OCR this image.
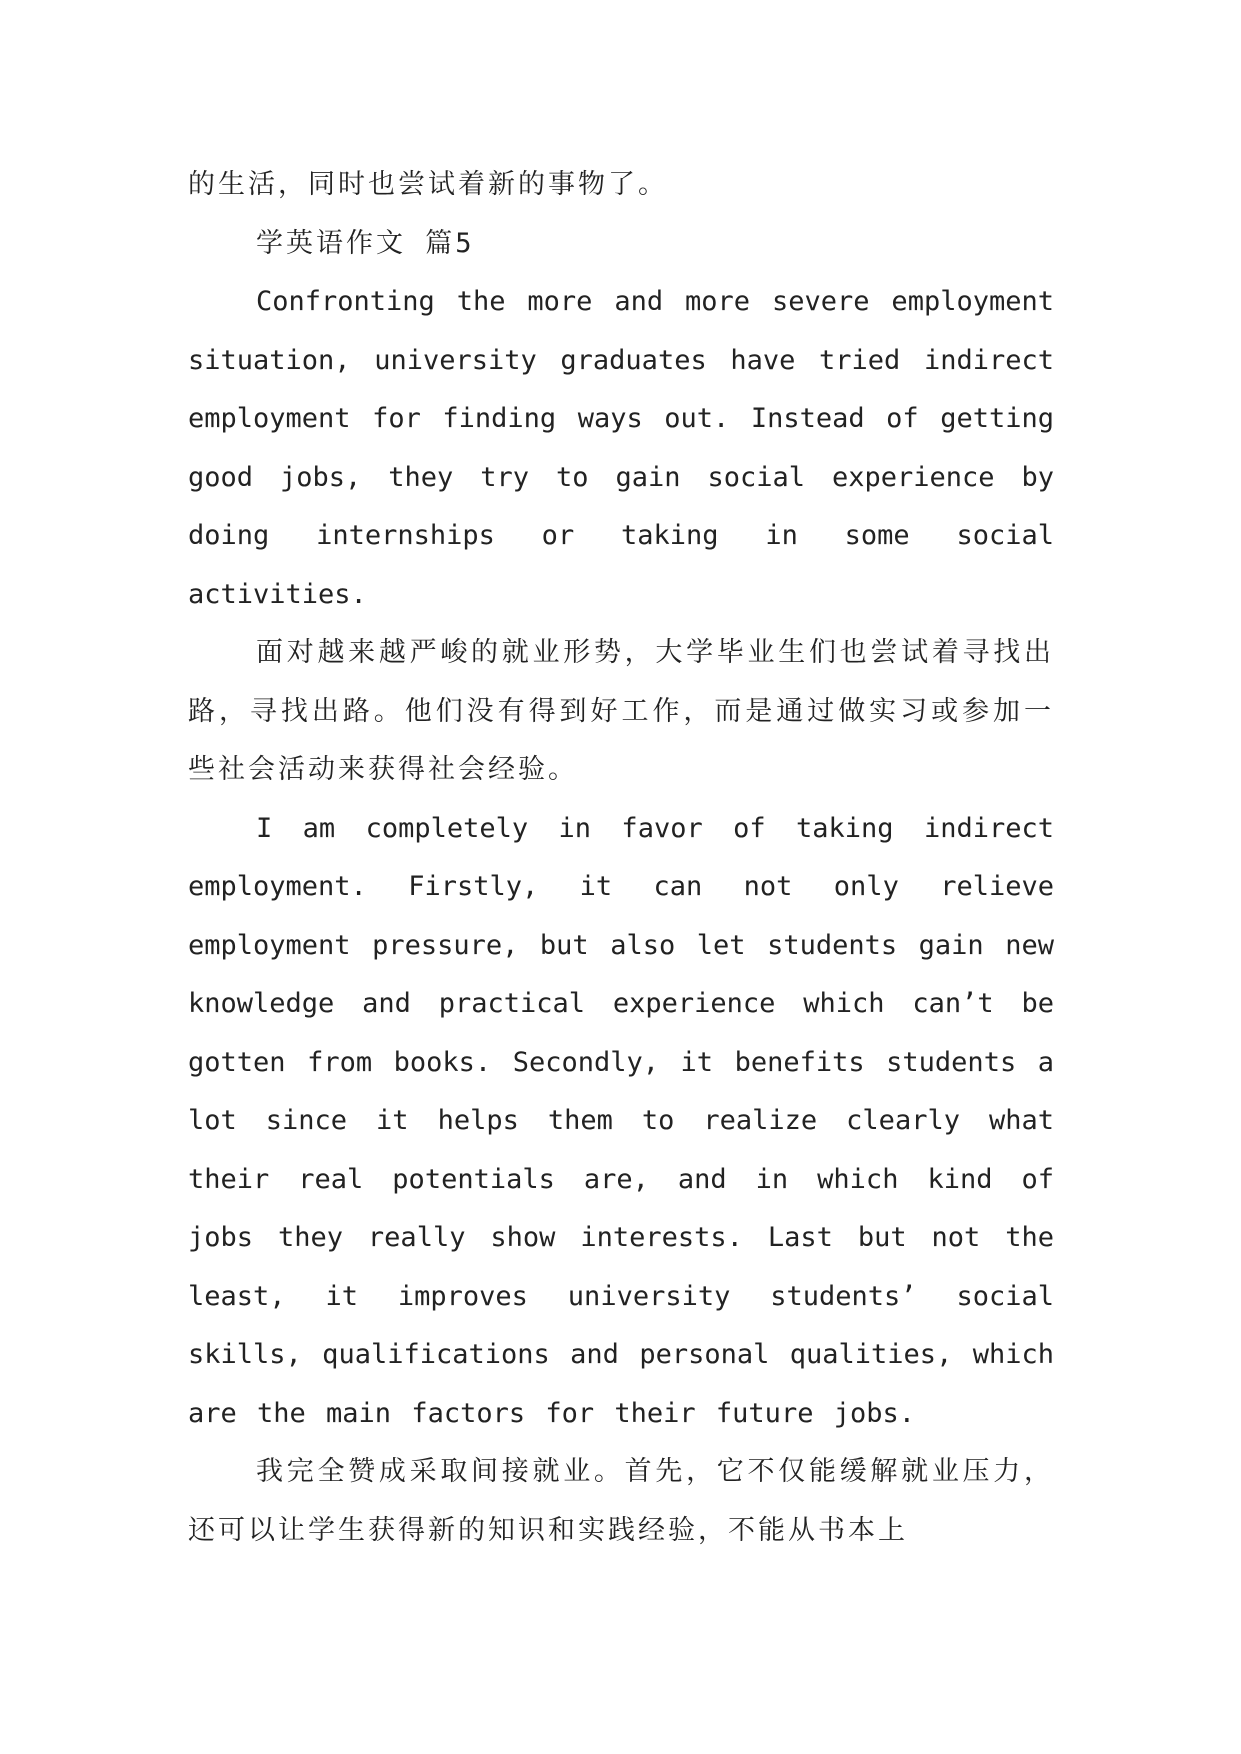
的生活，同时也尝试着新的事物了。

学英语作文 篇5

Confronting the more and more severe employment situation, university graduates have tried indirect employment for finding ways out. Instead of getting good jobs, they try to gain social experience by doing internships or taking in some social activities.

面对越来越严峻的就业形势，大学毕业生们也尝试着寻找出路，寻找出路。他们没有得到好工作，而是通过做实习或参加一些社会活动来获得社会经验。

I am completely in favor of taking indirect employment. Firstly, it can not only relieve employment pressure, but also let students gain new knowledge and practical experience which can’t be gotten from books. Secondly, it benefits students a lot since it helps them to realize clearly what their real potentials are, and in which kind of jobs they really show interests. Last but not the least, it improves university students’ social skills, qualifications and personal qualities, which are the main factors for their future jobs.

我完全赞成采取间接就业。首先，它不仅能缓解就业压力，还可以让学生获得新的知识和实践经验，不能从书本上
